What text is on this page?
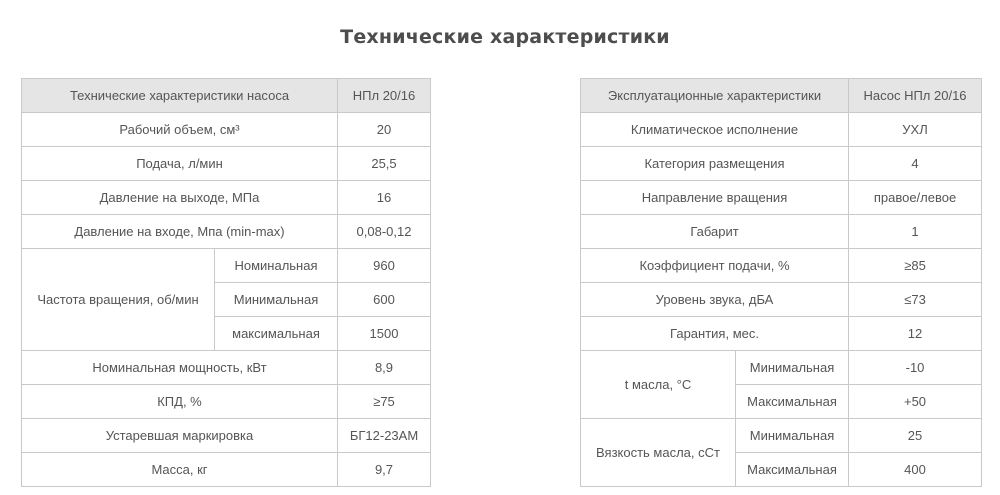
Технические характеристики
Технические характеристики насоса		НПл 20/16
Рабочий объем, см³		20
Подача, л/мин		25,5
Давление на выходе, МПа		16
Давление на входе, Мпа (min-max)		0,08-0,12
Частота вращения, об/мин	Номинальная	960
	Минимальная	600
	максимальная	1500
Номинальная мощность, кВт		8,9
КПД, %		≥75
Устаревшая маркировка		БГ12-23АМ
Масса, кг		9,7
Эксплуатационные характеристики		Насос НПл 20/16
Климатическое исполнение		УХЛ
Категория размещения		4
Направление вращения		правое/левое
Габарит		1
Коэффициент подачи, %		≥85
Уровень звука, дБА		≤73
Гарантия, мес.		12
t масла, °С	Минимальная	-10
	Максимальная	+50
Вязкость масла, сСт	Минимальная	25
	Максимальная	400
